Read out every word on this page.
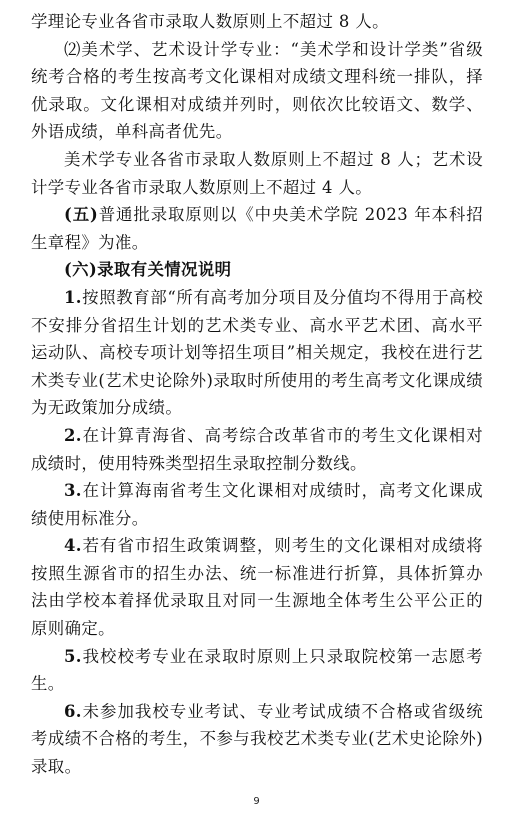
学理论专业各省市录取人数原则上不超过 8 人。

⑵美术学、艺术设计学专业：“美术学和设计学类”省级统考合格的考生按高考文化课相对成绩文理科统一排队，择优录取。文化课相对成绩并列时，则依次比较语文、数学、外语成绩，单科高者优先。

美术学专业各省市录取人数原则上不超过 8 人；艺术设计学专业各省市录取人数原则上不超过 4 人。

(五)普通批录取原则以《中央美术学院 2023 年本科招生章程》为准。

(六)录取有关情况说明

1.按照教育部“所有高考加分项目及分值均不得用于高校不安排分省招生计划的艺术类专业、高水平艺术团、高水平运动队、高校专项计划等招生项目”相关规定，我校在进行艺术类专业(艺术史论除外)录取时所使用的考生高考文化课成绩为无政策加分成绩。

2.在计算青海省、高考综合改革省市的考生文化课相对成绩时，使用特殊类型招生录取控制分数线。

3.在计算海南省考生文化课相对成绩时，高考文化课成绩使用标准分。

4.若有省市招生政策调整，则考生的文化课相对成绩将按照生源省市的招生办法、统一标准进行折算，具体折算办法由学校本着择优录取且对同一生源地全体考生公平公正的原则确定。

5.我校校考专业在录取时原则上只录取院校第一志愿考生。

6.未参加我校专业考试、专业考试成绩不合格或省级统考成绩不合格的考生，不参与我校艺术类专业(艺术史论除外)录取。

9
